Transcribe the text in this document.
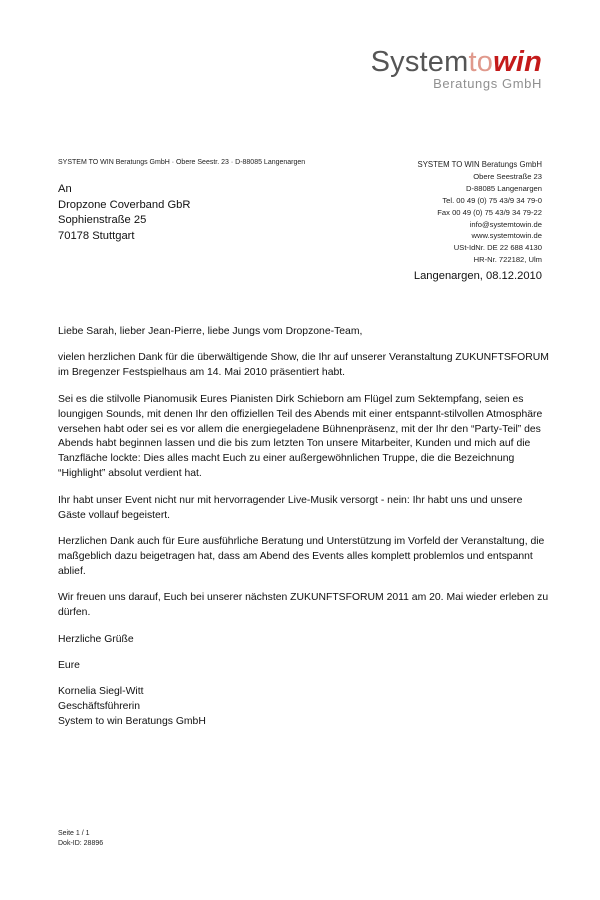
Systemtowin
Beratungs GmbH
SYSTEM TO WIN Beratungs GmbH · Obere Seestr. 23 · D-88085 Langenargen
An
Dropzone Coverband GbR
Sophienstraße 25
70178 Stuttgart
SYSTEM TO WIN Beratungs GmbH
Obere Seestraße 23
D-88085 Langenargen
Tel. 00 49 (0) 75 43/9 34 79-0
Fax 00 49 (0) 75 43/9 34 79-22
info@systemtowin.de
www.systemtowin.de
USt-IdNr. DE 22 688 4130
HR-Nr. 722182, Ulm
Langenargen, 08.12.2010

Liebe Sarah, lieber Jean-Pierre, liebe Jungs vom Dropzone-Team,

vielen herzlichen Dank für die überwältigende Show, die Ihr auf unserer Veranstaltung ZUKUNFTSFORUM im Bregenzer Festspielhaus am 14. Mai 2010 präsentiert habt.

Sei es die stilvolle Pianomusik Eures Pianisten Dirk Schieborn am Flügel zum Sektempfang, seien es loungigen Sounds, mit denen Ihr den offiziellen Teil des Abends mit einer entspannt-stilvollen Atmosphäre versehen habt oder sei es vor allem die energiegeladene Bühnenpräsenz, mit der Ihr den “Party-Teil” des Abends habt beginnen lassen und die bis zum letzten Ton unsere Mitarbeiter, Kunden und mich auf die Tanzfläche lockte: Dies alles macht Euch zu einer außergewöhnlichen Truppe, die die Bezeichnung “Highlight” absolut verdient hat.

Ihr habt unser Event nicht nur mit hervorragender Live-Musik versorgt - nein: Ihr habt uns und unsere Gäste vollauf begeistert.

Herzlichen Dank auch für Eure ausführliche Beratung und Unterstützung im Vorfeld der Veranstaltung, die maßgeblich dazu beigetragen hat, dass am Abend des Events alles komplett problemlos und entspannt ablief.

Wir freuen uns darauf, Euch bei unserer nächsten ZUKUNFTSFORUM 2011 am 20. Mai wieder erleben zu dürfen.

Herzliche Grüße

Eure

Kornelia Siegl-Witt
Geschäftsführerin
System to win Beratungs GmbH
Seite 1 / 1
Dok-ID: 28896
